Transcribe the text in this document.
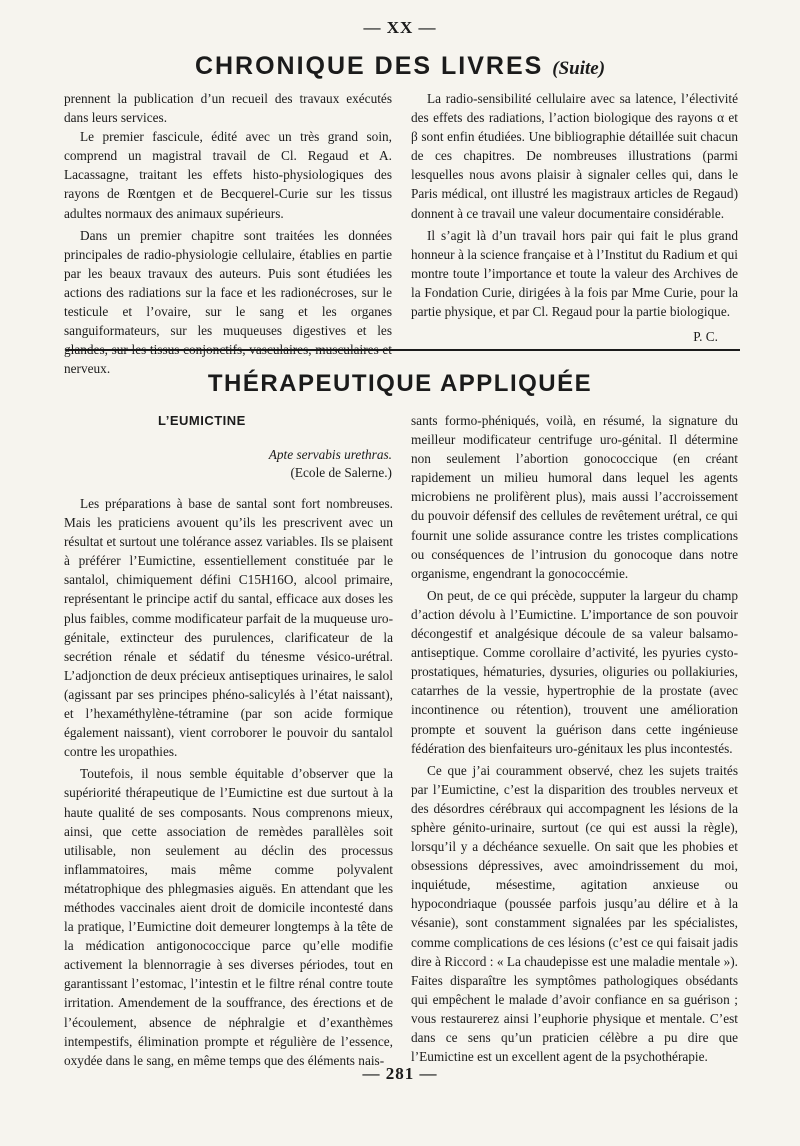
— XX —
CHRONIQUE DES LIVRES (Suite)

prennent la publication d’un recueil des travaux exécutés dans leurs services.

Le premier fascicule, édité avec un très grand soin, comprend un magistral travail de Cl. Regaud et A. Lacassagne, traitant les effets histo-physiologiques des rayons de Rœntgen et de Becquerel-Curie sur les tissus adultes normaux des animaux supérieurs.

Dans un premier chapitre sont traitées les données principales de radio-physiologie cellulaire, établies en partie par les beaux travaux des auteurs. Puis sont étudiées les actions des radiations sur la face et les radionécroses, sur le testicule et l’ovaire, sur le sang et les organes sanguiformateurs, sur les muqueuses digestives et les glandes, sur les tissus conjonctifs, vasculaires, musculaires et nerveux.

La radio-sensibilité cellulaire avec sa latence, l’électivité des effets des radiations, l’action biologique des rayons α et β sont enfin étudiées. Une bibliographie détaillée suit chacun de ces chapitres. De nombreuses illustrations (parmi lesquelles nous avons plaisir à signaler celles qui, dans le Paris médical, ont illustré les magistraux articles de Regaud) donnent à ce travail une valeur documentaire considérable.

Il s’agit là d’un travail hors pair qui fait le plus grand honneur à la science française et à l’Institut du Radium et qui montre toute l’importance et toute la valeur des Archives de la Fondation Curie, dirigées à la fois par Mme Curie, pour la partie physique, et par Cl. Regaud pour la partie biologique.

P. C.
THÉRAPEUTIQUE APPLIQUÉE
L’EUMICTINE
Apte servabis urethras.
(Ecole de Salerne.)

Les préparations à base de santal sont fort nombreuses. Mais les praticiens avouent qu’ils les prescrivent avec un résultat et surtout une tolérance assez variables. Ils se plaisent à préférer l’Eumictine, essentiellement constituée par le santalol, chimiquement défini C15H16O, alcool primaire, représentant le principe actif du santal, efficace aux doses les plus faibles, comme modificateur parfait de la muqueuse uro-génitale, extincteur des purulences, clarificateur de la secrétion rénale et sédatif du ténesme vésico-urétral. L’adjonction de deux précieux antiseptiques urinaires, le salol (agissant par ses principes phéno-salicylés à l’état naissant), et l’hexaméthylène-tétramine (par son acide formique également naissant), vient corroborer le pouvoir du santalol contre les uropathies.

Toutefois, il nous semble équitable d’observer que la supériorité thérapeutique de l’Eumictine est due surtout à la haute qualité de ses composants. Nous comprenons mieux, ainsi, que cette association de remèdes parallèles soit utilisable, non seulement au déclin des processus inflammatoires, mais même comme polyvalent métatrophique des phlegmasies aiguës. En attendant que les méthodes vaccinales aient droit de domicile incontesté dans la pratique, l’Eumictine doit demeurer longtemps à la tête de la médication antigonococcique parce qu’elle modifie activement la blennorragie à ses diverses périodes, tout en garantissant l’estomac, l’intestin et le filtre rénal contre toute irritation. Amendement de la souffrance, des érections et de l’écoulement, absence de néphralgie et d’exanthèmes intempestifs, élimination prompte et régulière de l’essence, oxydée dans le sang, en même temps que des éléments nais-

sants formo-phéniqués, voilà, en résumé, la signature du meilleur modificateur centrifuge uro-génital. Il détermine non seulement l’abortion gonococcique (en créant rapidement un milieu humoral dans lequel les agents microbiens ne prolifèrent plus), mais aussi l’accroissement du pouvoir défensif des cellules de revêtement urétral, ce qui fournit une solide assurance contre les tristes complications ou conséquences de l’intrusion du gonocoque dans notre organisme, engendrant la gonococcémie.

On peut, de ce qui précède, supputer la largeur du champ d’action dévolu à l’Eumictine. L’importance de son pouvoir décongestif et analgésique découle de sa valeur balsamo-antiseptique. Comme corollaire d’activité, les pyuries cysto-prostatiques, hématuries, dysuries, oliguries ou pollakiuries, catarrhes de la vessie, hypertrophie de la prostate (avec incontinence ou rétention), trouvent une amélioration prompte et souvent la guérison dans cette ingénieuse fédération des bienfaiteurs uro-génitaux les plus incontestés.

Ce que j’ai couramment observé, chez les sujets traités par l’Eumictine, c’est la disparition des troubles nerveux et des désordres cérébraux qui accompagnent les lésions de la sphère génito-urinaire, surtout (ce qui est aussi la règle), lorsqu’il y a déchéance sexuelle. On sait que les phobies et obsessions dépressives, avec amoindrissement du moi, inquiétude, mésestime, agitation anxieuse ou hypocondriaque (poussée parfois jusqu’au délire et à la vésanie), sont constamment signalées par les spécialistes, comme complications de ces lésions (c’est ce qui faisait jadis dire à Riccord : « La chaudepisse est une maladie mentale »). Faites disparaître les symptômes pathologiques obsédants qui empêchent le malade d’avoir confiance en sa guérison ; vous restaurerez ainsi l’euphorie physique et mentale. C’est dans ce sens qu’un praticien célèbre a pu dire que l’Eumictine est un excellent agent de la psychothérapie.

— 281 —
